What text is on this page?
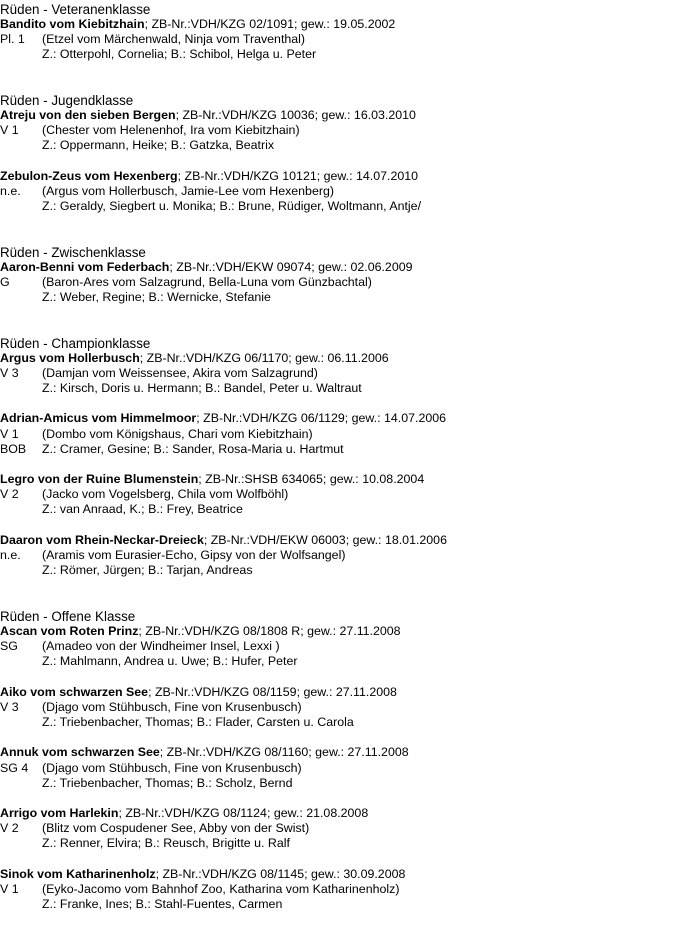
Rüden - Veteranenklasse
Bandito vom Kiebitzhain; ZB-Nr.:VDH/KZG 02/1091; gew.: 19.05.2002
Pl. 1 (Etzel vom Märchenwald, Ninja vom Traventhal)
Z.: Otterpohl, Cornelia; B.: Schibol, Helga u. Peter
Rüden - Jugendklasse
Atreju von den sieben Bergen; ZB-Nr.:VDH/KZG 10036; gew.: 16.03.2010
V 1 (Chester vom Helenenhof, Ira vom Kiebitzhain)
Z.: Oppermann, Heike; B.: Gatzka, Beatrix
Zebulon-Zeus vom Hexenberg; ZB-Nr.:VDH/KZG 10121; gew.: 14.07.2010
n.e. (Argus vom Hollerbusch, Jamie-Lee vom Hexenberg)
Z.: Geraldy, Siegbert u. Monika; B.: Brune, Rüdiger, Woltmann, Antje/
Rüden - Zwischenklasse
Aaron-Benni vom Federbach; ZB-Nr.:VDH/EKW 09074; gew.: 02.06.2009
G	(Baron-Ares vom Salzagrund, Bella-Luna vom Günzbachtal)
Z.: Weber, Regine; B.: Wernicke, Stefanie
Rüden - Championklasse
Argus vom Hollerbusch; ZB-Nr.:VDH/KZG 06/1170; gew.: 06.11.2006
V 3 (Damjan vom Weissensee, Akira vom Salzagrund)
Z.: Kirsch, Doris u. Hermann; B.: Bandel, Peter u. Waltraut
Adrian-Amicus vom Himmelmoor; ZB-Nr.:VDH/KZG 06/1129; gew.: 14.07.2006
V 1 (Dombo vom Königshaus, Chari vom Kiebitzhain)
BOB Z.: Cramer, Gesine; B.: Sander, Rosa-Maria u. Hartmut
Legro von der Ruine Blumenstein; ZB-Nr.:SHSB 634065; gew.: 10.08.2004
V 2 (Jacko vom Vogelsberg, Chila vom Wolfböhl)
Z.: van Anraad, K.; B.: Frey, Beatrice
Daaron vom Rhein-Neckar-Dreieck; ZB-Nr.:VDH/EKW 06003; gew.: 18.01.2006
n.e. (Aramis vom Eurasier-Echo, Gipsy von der Wolfsangel)
Z.: Römer, Jürgen; B.: Tarjan, Andreas
Rüden - Offene Klasse
Ascan vom Roten Prinz; ZB-Nr.:VDH/KZG 08/1808 R; gew.: 27.11.2008
SG (Amadeo von der Windheimer Insel, Lexxi )
Z.: Mahlmann, Andrea u. Uwe; B.: Hufer, Peter
Aiko vom schwarzen See; ZB-Nr.:VDH/KZG 08/1159; gew.: 27.11.2008
V 3 (Djago vom Stühbusch, Fine von Krusenbusch)
Z.: Triebenbacher, Thomas; B.: Flader, Carsten u. Carola
Annuk vom schwarzen See; ZB-Nr.:VDH/KZG 08/1160; gew.: 27.11.2008
SG 4 (Djago vom Stühbusch, Fine von Krusenbusch)
Z.: Triebenbacher, Thomas; B.: Scholz, Bernd
Arrigo vom Harlekin; ZB-Nr.:VDH/KZG 08/1124; gew.: 21.08.2008
V 2 (Blitz vom Cospudener See, Abby von der Swist)
Z.: Renner, Elvira; B.: Reusch, Brigitte u. Ralf
Sinok vom Katharinenholz; ZB-Nr.:VDH/KZG 08/1145; gew.: 30.09.2008
V 1 (Eyko-Jacomo vom Bahnhof Zoo, Katharina vom Katharinenholz)
Z.: Franke, Ines; B.: Stahl-Fuentes, Carmen
